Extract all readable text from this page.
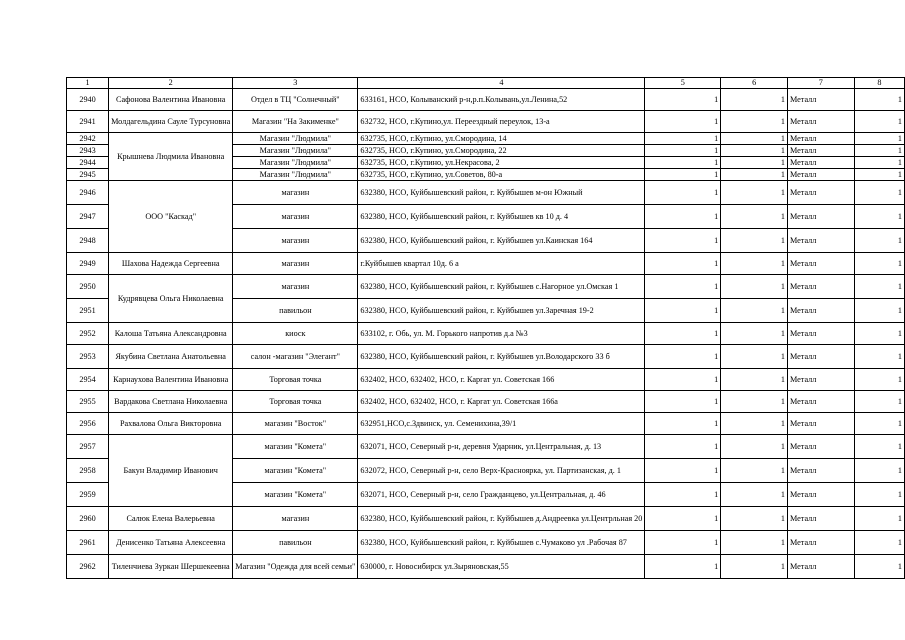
1	2	3	4	5	6	7	8
2940	Сафонова Валентина Ивановна	Отдел в ТЦ "Солнечный"	633161, НСО, Колыванский р-н,р.п.Колывань,ул.Ленина,52	1	1	Металл	1
2941	Молдагельдина Сауле Турсуновна	Магазин "На Закименке"	632732, НСО, г.Купино,ул. Переездный переулок, 13-а	1	1	Металл	1
2942	Крышнева Людмила Ивановна	Магазин "Людмила"	632735, НСО, г.Купино, ул.Смородина, 14	1	1	Металл	1
2943		Магазин "Людмила"	632735, НСО, г.Купино, ул.Смородина, 22	1	1	Металл	1
2944		Магазин "Людмила"	632735, НСО, г.Купино, ул.Некрасова, 2	1	1	Металл	1
2945		Магазин "Людмила"	632735, НСО, г.Купино, ул.Советов, 80-а	1	1	Металл	1
2946	ООО "Каскад"	магазин	632380, НСО, Куйбышевский район, г. Куйбышев м-он Южный	1	1	Металл	1
2947		магазин	632380, НСО, Куйбышевский район, г. Куйбышев кв 10 д. 4	1	1	Металл	1
2948		магазин	632380, НСО, Куйбышевский район, г. Куйбышев ул.Каинская 164	1	1	Металл	1
2949	Шахова Надежда Сергеевна	магазин	г.Куйбышев квартал 10д. 6 а	1	1	Металл	1
2950	Кудрявцева Ольга Николаевна	магазин	632380, НСО, Куйбышевский район, г. Куйбышев с.Нагорное ул.Омская 1	1	1	Металл	1
2951		павильон	632380, НСО, Куйбышевский район, г. Куйбышев ул.Заречная 19-2	1	1	Металл	1
2952	Калоша Татьяна Александровна	киоск	633102, г. Обь, ул. М. Горького напротив д.а №3	1	1	Металл	1
2953	Якубина Светлана Анатольевна	салон -магазин "Элегант"	632380, НСО, Куйбышевский район, г. Куйбышев ул.Володарского 33 б	1	1	Металл	1
2954	Карнаухова Валентина Ивановна	Торговая точка	632402, НСО, 632402, НСО, г. Каргат ул. Советская 166	1	1	Металл	1
2955	Вардакова Светлана Николаевна	Торговая точка	632402, НСО, 632402, НСО, г. Каргат ул. Советская 166а	1	1	Металл	1
2956	Рахвалова Ольга Викторовна	магазин "Восток"	632951,НСО,с.Здвинск, ул. Семенихина,39/1	1	1	Металл	1
2957	Бакун Владимир Иванович	магазин "Комета"	632071, НСО, Северный р-н, деревня Ударник, ул.Центральная, д. 13	1	1	Металл	1
2958		магазин "Комета"	632072, НСО, Северный р-н, село Верх-Красноярка, ул. Партизанская, д. 1	1	1	Металл	1
2959		магазин "Комета"	632071, НСО, Северный р-н, село Гражданцево, ул.Центральная, д. 46	1	1	Металл	1
2960	Салюк Елена Валерьевна	магазин	632380, НСО, Куйбышевский район, г. Куйбышев д.Андреевка ул.Центрльная 20	1	1	Металл	1
2961	Денисенко Татьяна Алексеевна	павильон	632380, НСО, Куйбышевский район, г. Куйбышев с.Чумаково ул .Рабочая 87	1	1	Металл	1
2962	Тиленчиева Зуркан Шершекеевна	Магазин "Одежда для всей семьи"	630000, г. Новосибирск ул.Зыряновская,55	1	1	Металл	1
